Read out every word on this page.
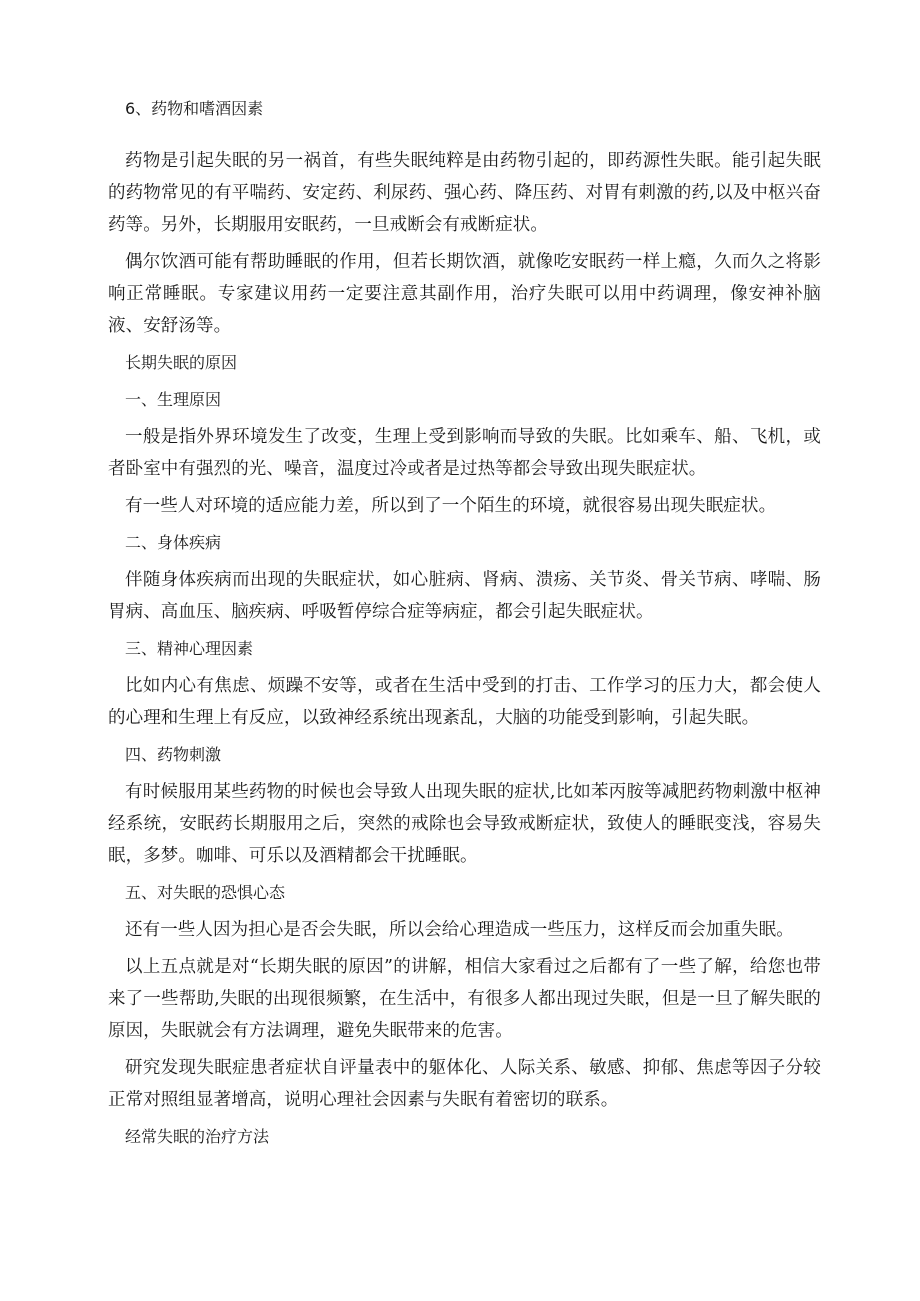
6、药物和嗜酒因素

药物是引起失眠的另一祸首，有些失眠纯粹是由药物引起的，即药源性失眠。能引起失眠的药物常见的有平喘药、安定药、利尿药、强心药、降压药、对胃有刺激的药,以及中枢兴奋药等。另外，长期服用安眠药，一旦戒断会有戒断症状。

偶尔饮酒可能有帮助睡眠的作用，但若长期饮酒，就像吃安眠药一样上瘾，久而久之将影响正常睡眠。专家建议用药一定要注意其副作用，治疗失眠可以用中药调理，像安神补脑液、安舒汤等。

长期失眠的原因
一、生理原因

一般是指外界环境发生了改变，生理上受到影响而导致的失眠。比如乘车、船、飞机，或者卧室中有强烈的光、噪音，温度过冷或者是过热等都会导致出现失眠症状。

有一些人对环境的适应能力差，所以到了一个陌生的环境，就很容易出现失眠症状。

二、身体疾病

伴随身体疾病而出现的失眠症状，如心脏病、肾病、溃疡、关节炎、骨关节病、哮喘、肠胃病、高血压、脑疾病、呼吸暂停综合症等病症，都会引起失眠症状。

三、精神心理因素

比如内心有焦虑、烦躁不安等，或者在生活中受到的打击、工作学习的压力大，都会使人的心理和生理上有反应，以致神经系统出现紊乱，大脑的功能受到影响，引起失眠。

四、药物刺激

有时候服用某些药物的时候也会导致人出现失眠的症状,比如苯丙胺等减肥药物刺激中枢神经系统，安眠药长期服用之后，突然的戒除也会导致戒断症状，致使人的睡眠变浅，容易失眠，多梦。咖啡、可乐以及酒精都会干扰睡眠。

五、对失眠的恐惧心态

还有一些人因为担心是否会失眠，所以会给心理造成一些压力，这样反而会加重失眠。

以上五点就是对“长期失眠的原因”的讲解，相信大家看过之后都有了一些了解，给您也带来了一些帮助,失眠的出现很频繁，在生活中，有很多人都出现过失眠，但是一旦了解失眠的原因，失眠就会有方法调理，避免失眠带来的危害。

研究发现失眠症患者症状自评量表中的躯体化、人际关系、敏感、抑郁、焦虑等因子分较正常对照组显著增高，说明心理社会因素与失眠有着密切的联系。

经常失眠的治疗方法
